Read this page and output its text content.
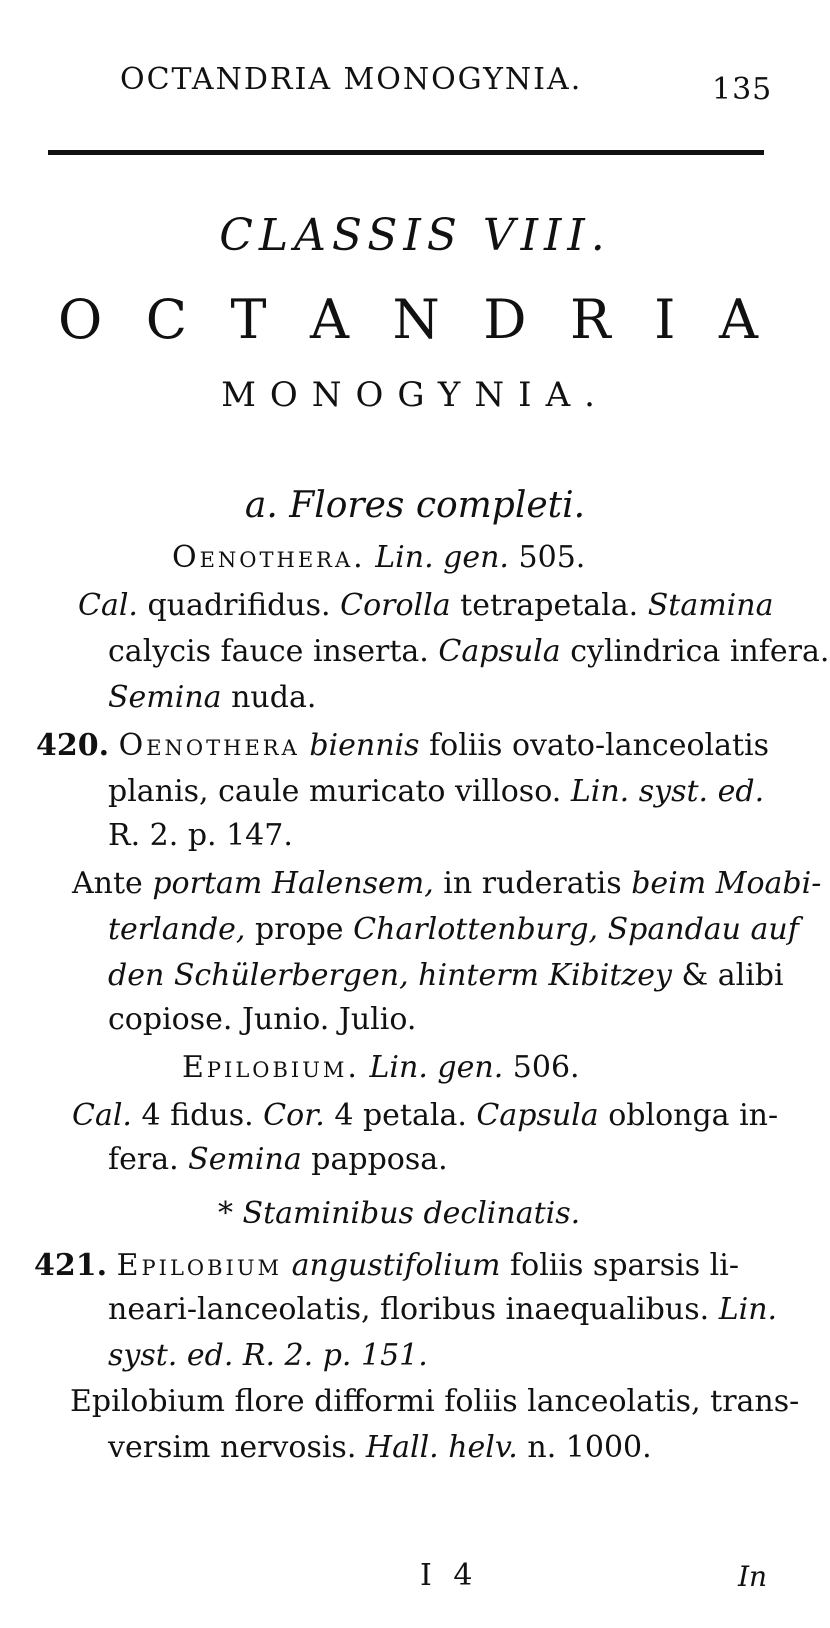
OCTANDRIA MONOGYNIA.	135
CLASSIS VIII.
O C T A N D R I A
MONOGYNIA.
a. Flores completi.
Oenothera. Lin. gen. 505.
Cal. quadrifidus. Corolla tetrapetala. Stamina
calycis fauce inserta. Capsula cylindrica infera.
Semina nuda.
420. Oenothera biennis foliis ovato-lanceolatis
planis, caule muricato villoso. Lin. syst. ed.
R. 2. p. 147.
Ante portam Halensem, in ruderatis beim Moabi-
terlande, prope Charlottenburg, Spandau auf
den Schülerbergen, hinterm Kibitzey & alibi
copiose. Junio. Julio.
Epilobium. Lin. gen. 506.
Cal. 4 fidus. Cor. 4 petala. Capsula oblonga in-
fera. Semina papposa.
* Staminibus declinatis.
421. Epilobium angustifolium foliis sparsis li-
neari-lanceolatis, floribus inaequalibus. Lin.
syst. ed. R. 2. p. 151.
Epilobium flore difformi foliis lanceolatis, trans-
versim nervosis. Hall. helv. n. 1000.
I 4	In
